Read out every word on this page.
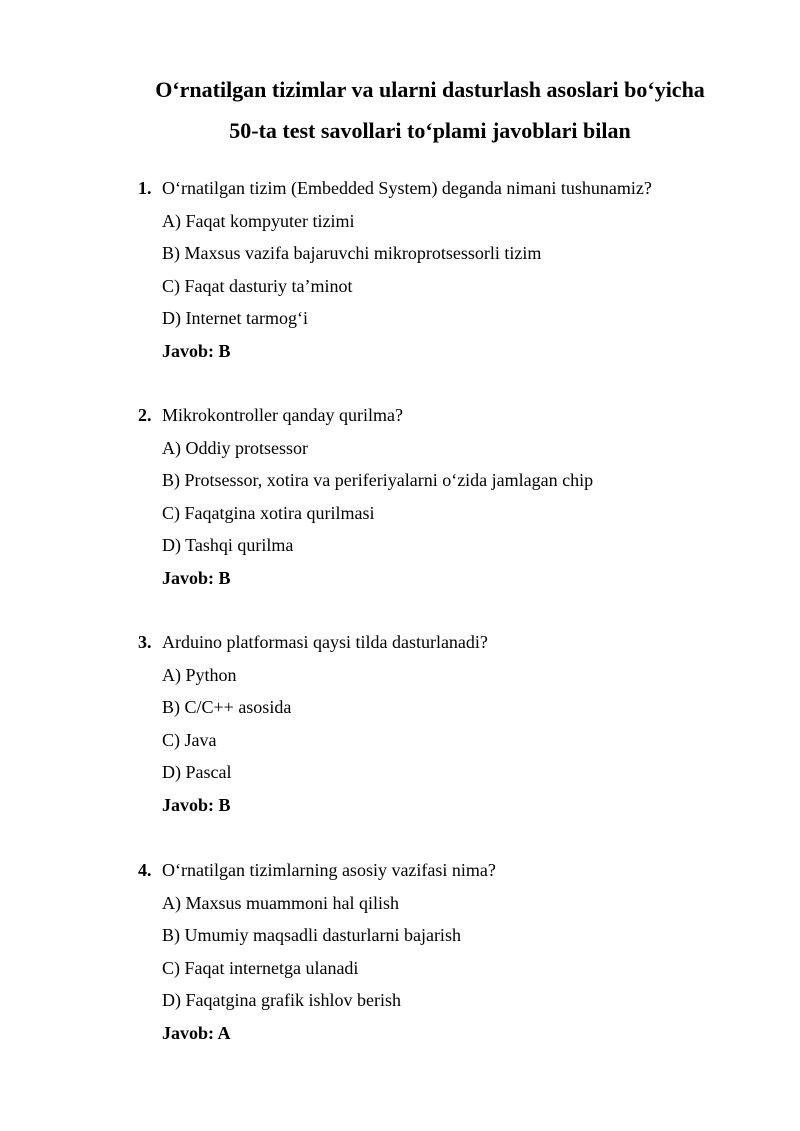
O‘rnatilgan tizimlar va ularni dasturlash asoslari bo‘yicha
50-ta test savollari to‘plami javoblari bilan
1. O‘rnatilgan tizim (Embedded System) deganda nimani tushunamiz?
A) Faqat kompyuter tizimi
B) Maxsus vazifa bajaruvchi mikroprotsessorli tizim
C) Faqat dasturiy ta’minot
D) Internet tarmog‘i
Javob: B
2. Mikrokontroller qanday qurilma?
A) Oddiy protsessor
B) Protsessor, xotira va periferiyalarni o‘zida jamlagan chip
C) Faqatgina xotira qurilmasi
D) Tashqi qurilma
Javob: B
3. Arduino platformasi qaysi tilda dasturlanadi?
A) Python
B) C/C++ asosida
C) Java
D) Pascal
Javob: B
4. O‘rnatilgan tizimlarning asosiy vazifasi nima?
A) Maxsus muammoni hal qilish
B) Umumiy maqsadli dasturlarni bajarish
C) Faqat internetga ulanadi
D) Faqatgina grafik ishlov berish
Javob: A
